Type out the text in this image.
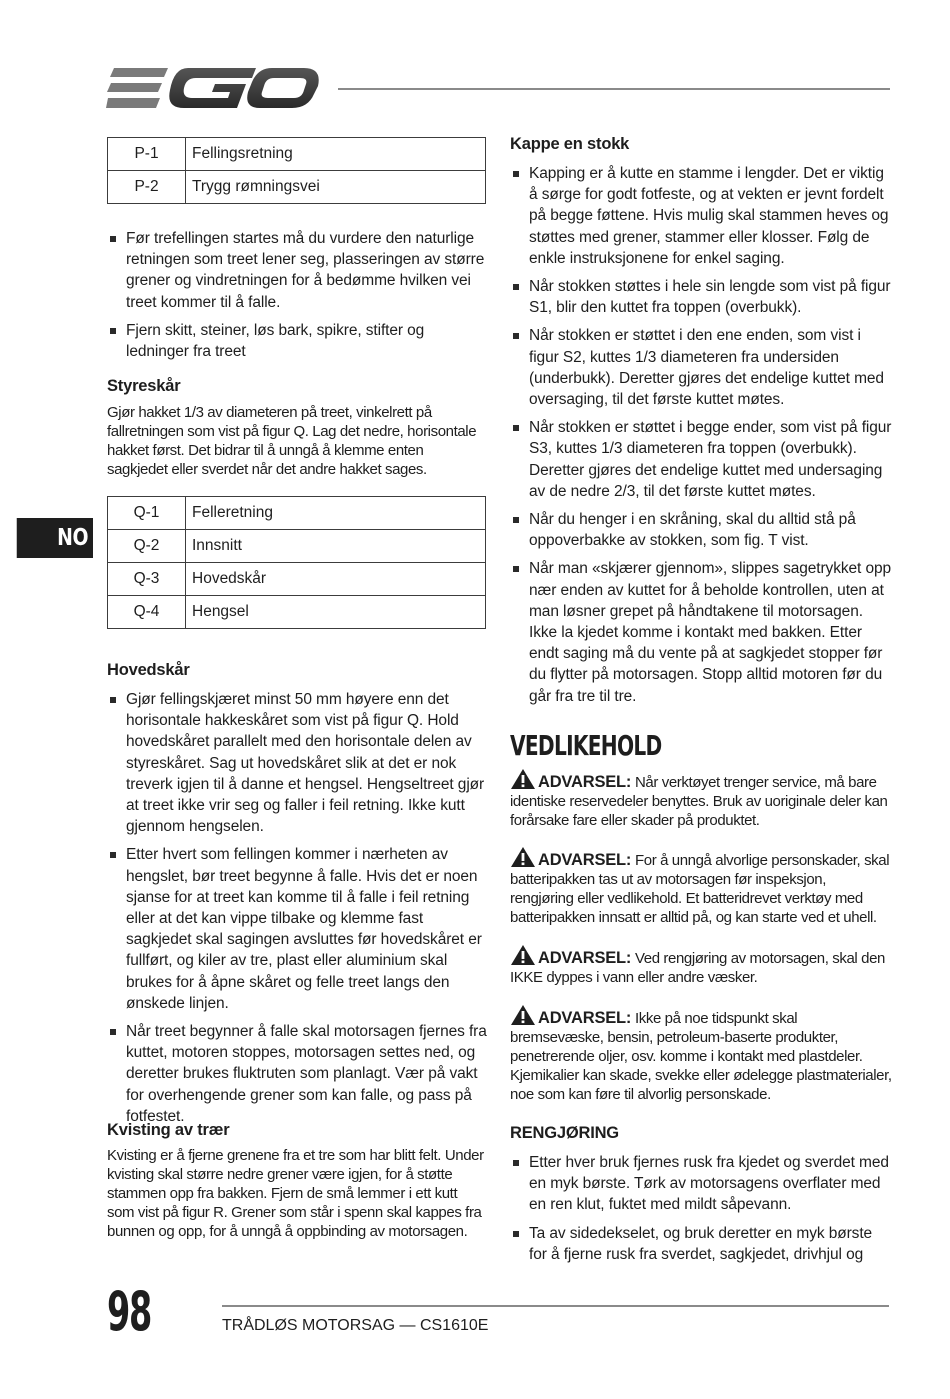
NO
P-1	Fellingsretning
P-2	Trygg rømningsvei
Før trefellingen startes må du vurdere den naturlige retningen som treet lener seg, plasseringen av større grener og vindretningen for å bedømme hvilken vei treet kommer til å falle.
Fjern skitt, steiner, løs bark, spikre, stifter og ledninger fra treet
Styreskår

Gjør hakket 1/3 av diameteren på treet, vinkelrett på fallretningen som vist på figur Q. Lag det nedre, horisontale hakket først. Det bidrar til å unngå å klemme enten sagkjedet eller sverdet når det andre hakket sages.

Q-1	Felleretning
Q-2	Innsnitt
Q-3	Hovedskår
Q-4	Hengsel
Hovedskår
Gjør fellingskjæret minst 50 mm høyere enn det horisontale hakkeskåret som vist på figur Q. Hold hovedskåret parallelt med den horisontale delen av styreskåret. Sag ut hovedskåret slik at det er nok treverk igjen til å danne et hengsel. Hengseltreet gjør at treet ikke vrir seg og faller i feil retning. Ikke kutt gjennom hengselen.
Etter hvert som fellingen kommer i nærheten av hengslet, bør treet begynne å falle. Hvis det er noen sjanse for at treet kan komme til å falle i feil retning eller at det kan vippe tilbake og klemme fast sagkjedet skal sagingen avsluttes før hovedskåret er fullført, og kiler av tre, plast eller aluminium skal brukes for å åpne skåret og felle treet langs den ønskede linjen.
Når treet begynner å falle skal motorsagen fjernes fra kuttet, motoren stoppes, motorsagen settes ned, og deretter brukes fluktruten som planlagt. Vær på vakt for overhengende grener som kan falle, og pass på fotfestet.
Kvisting av trær

Kvisting er å fjerne grenene fra et tre som har blitt felt. Under kvisting skal større nedre grener være igjen, for å støtte stammen opp fra bakken. Fjern de små lemmer i ett kutt som vist på figur R. Grener som står i spenn skal kappes fra bunnen og opp, for å unngå å oppbinding av motorsagen.

Kappe en stokk
Kapping er å kutte en stamme i lengder. Det er viktig å sørge for godt fotfeste, og at vekten er jevnt fordelt på begge føttene. Hvis mulig skal stammen heves og støttes med grener, stammer eller klosser. Følg de enkle instruksjonene for enkel saging.
Når stokken støttes i hele sin lengde som vist på figur S1, blir den kuttet fra toppen (overbukk).
Når stokken er støttet i den ene enden, som vist i figur S2, kuttes 1/3 diameteren fra undersiden (underbukk). Deretter gjøres det endelige kuttet med oversaging, til det første kuttet møtes.
Når stokken er støttet i begge ender, som vist på figur S3, kuttes 1/3 diameteren fra toppen (overbukk). Deretter gjøres det endelige kuttet med undersaging av de nedre 2/3, til det første kuttet møtes.
Når du henger i en skråning, skal du alltid stå på oppoverbakke av stokken, som fig. T vist.
Når man «skjærer gjennom», slippes sagetrykket opp nær enden av kuttet for å beholde kontrollen, uten at man løsner grepet på håndtakene til motorsagen. Ikke la kjedet komme i kontakt med bakken. Etter endt saging må du vente på at sagkjedet stopper før du flytter på motorsagen. Stopp alltid motoren før du går fra tre til tre.
VEDLIKEHOLD
ADVARSEL: Når verktøyet trenger service, må bare identiske reservedeler benyttes. Bruk av uoriginale deler kan forårsake fare eller skader på produktet.
ADVARSEL: For å unngå alvorlige personskader, skal batteripakken tas ut av motorsagen før inspeksjon, rengjøring eller vedlikehold. Et batteridrevet verktøy med batteripakken innsatt er alltid på, og kan starte ved et uhell.
ADVARSEL: Ved rengjøring av motorsagen, skal den IKKE dyppes i vann eller andre væsker.
ADVARSEL: Ikke på noe tidspunkt skal bremsevæske, bensin, petroleum-baserte produkter, penetrerende oljer, osv. komme i kontakt med plastdeler. Kjemikalier kan skade, svekke eller ødelegge plastmaterialer, noe som kan føre til alvorlig personskade.
RENGJØRING
Etter hver bruk fjernes rusk fra kjedet og sverdet med en myk børste. Tørk av motorsagens overflater med en ren klut, fuktet med mildt såpevann.
Ta av sidedekselet, og bruk deretter en myk børste for å fjerne rusk fra sverdet, sagkjedet, drivhjul og
98	TRÅDLØS MOTORSAG — CS1610E
